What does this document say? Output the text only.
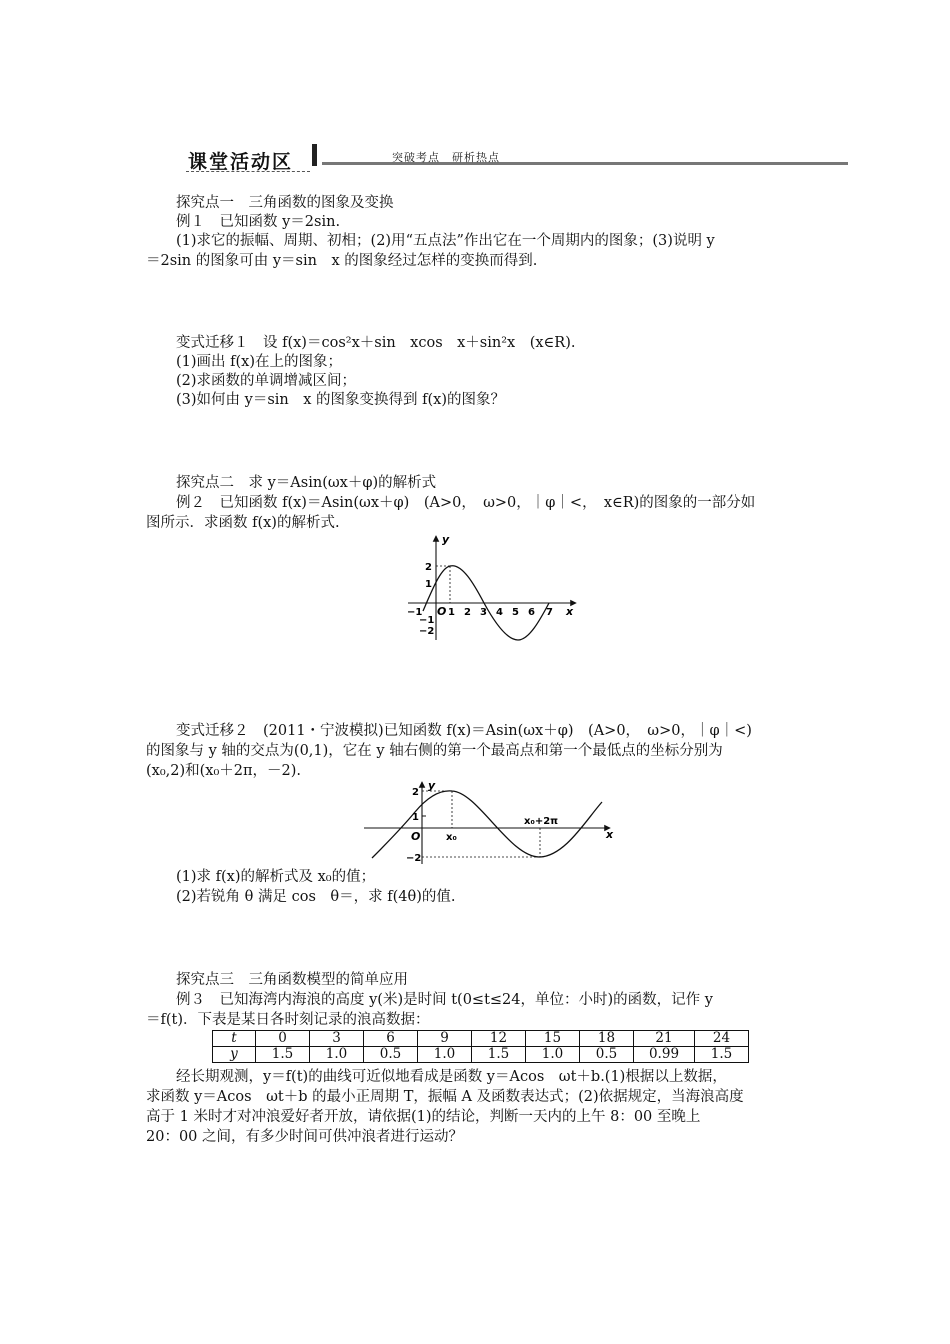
课堂活动区	突破考点　研析热点
探究点一　三角函数的图象及变换
例１　已知函数 y＝2sin.
(1)求它的振幅、周期、初相；(2)用“五点法”作出它在一个周期内的图象；(3)说明 y
＝2sin 的图象可由 y＝sin　x 的图象经过怎样的变换而得到.
变式迁移１　设 f(x)＝cos²x＋sin　xcos　x＋sin²x　(x∈R).
(1)画出 f(x)在上的图象；
(2)求函数的单调增减区间；
(3)如何由 y＝sin　x 的图象变换得到 f(x)的图象？
探究点二　求 y＝Asin(ωx＋φ)的解析式
例２　已知函数 f(x)＝Asin(ωx＋φ)　(A>0，　ω>0，｜φ｜<，　x∈R)的图象的一部分如
图所示．求函数 f(x)的解析式.
y
x
O
−1	1 2 3 4 5 6 7
2
1
−1
−2
变式迁移２　(2011・宁波模拟)已知函数 f(x)＝Asin(ωx＋φ)　(A>0，　ω>0，｜φ｜<)
的图象与 y 轴的交点为(0,1)，它在 y 轴右侧的第一个最高点和第一个最低点的坐标分别为
(x₀,2)和(x₀＋2π，－2).
y
x
O	x₀
x₀+2π
2
1
−2
(1)求 f(x)的解析式及 x₀的值；
(2)若锐角 θ 满足 cos　θ＝，求 f(4θ)的值.
探究点三　三角函数模型的简单应用
例３　已知海湾内海浪的高度 y(米)是时间 t(0≤t≤24，单位：小时)的函数，记作 y
＝f(t)．下表是某日各时刻记录的浪高数据：
t	0	3	6	9	12	15	18	21	24
y	1.5	1.0	0.5	1.0	1.5	1.0	0.5	0.99	1.5
经长期观测，y＝f(t)的曲线可近似地看成是函数 y＝Acos　ωt＋b.(1)根据以上数据，
求函数 y＝Acos　ωt＋b 的最小正周期 T，振幅 A 及函数表达式；(2)依据规定，当海浪高度
高于 1 米时才对冲浪爱好者开放，请依据(1)的结论，判断一天内的上午 8：00 至晚上
20：00 之间，有多少时间可供冲浪者进行运动？
